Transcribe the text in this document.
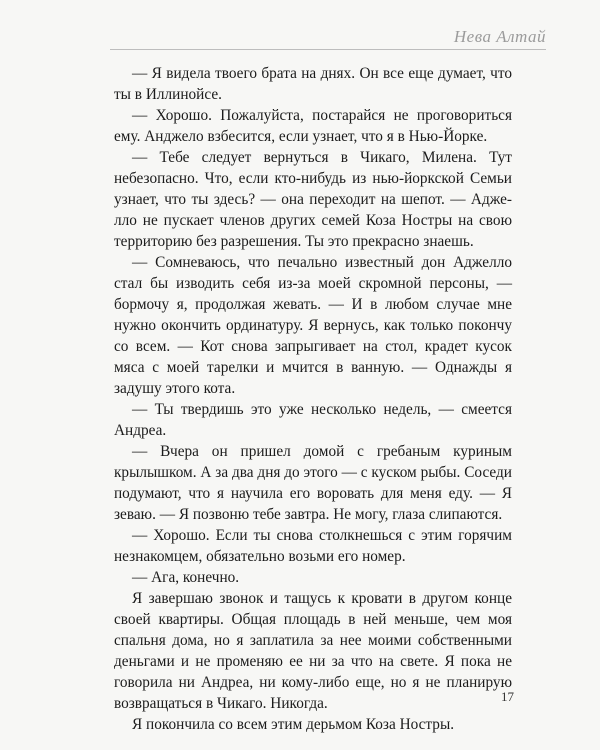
Нева Алтай

— Я видела твоего брата на днях. Он все еще думает, что ты в Иллинойсе.

— Хорошо. Пожалуйста, постарайся не проговориться ему. Анджело взбесится, если узнает, что я в Нью-Йорке.

— Тебе следует вернуться в Чикаго, Милена. Тут небезопасно. Что, если кто-нибудь из нью-йоркской Семьи узнает, что ты здесь? — она переходит на шепот. — Аджелло не пускает членов других семей Коза Ностры на свою территорию без разрешения. Ты это прекрасно знаешь.

— Сомневаюсь, что печально известный дон Аджелло стал бы изводить себя из-за моей скромной персоны, — бормочу я, продолжая жевать. — И в любом случае мне нужно окончить ординатуру. Я вернусь, как только покончу со всем. — Кот снова запрыгивает на стол, крадет кусок мяса с моей тарелки и мчится в ванную. — Однажды я задушу этого кота.

— Ты твердишь это уже несколько недель, — смеется Андреа.

— Вчера он пришел домой с гребаным куриным крылышком. А за два дня до этого — с куском рыбы. Соседи подумают, что я научила его воровать для меня еду. — Я зеваю. — Я позвоню тебе завтра. Не могу, глаза слипаются.

— Хорошо. Если ты снова столкнешься с этим горячим незнакомцем, обязательно возьми его номер.

— Ага, конечно.

Я завершаю звонок и тащусь к кровати в другом конце своей квартиры. Общая площадь в ней меньше, чем моя спальня дома, но я заплатила за нее моими собственными деньгами и не променяю ее ни за что на свете. Я пока не говорила ни Андреа, ни кому-либо еще, но я не планирую возвращаться в Чикаго. Никогда.

Я покончила со всем этим дерьмом Коза Ностры.

17
